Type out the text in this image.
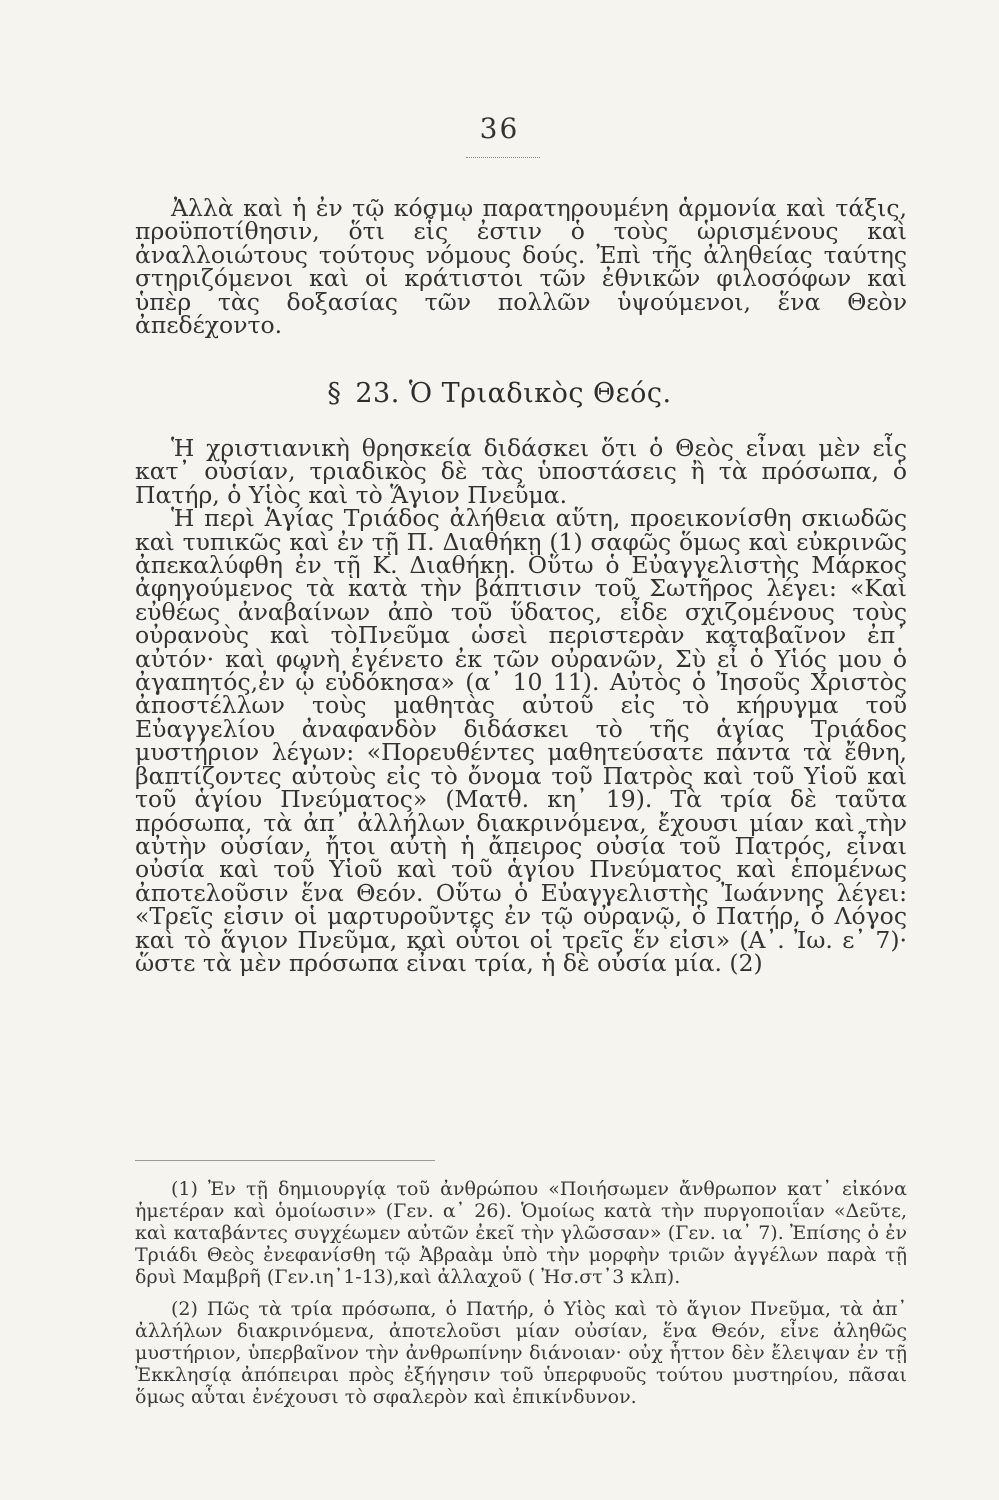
36

Ἀλλὰ καὶ ἡ ἐν τῷ κόσμῳ παρατηρουμένη ἁρμονία καὶ τάξις, προϋποτίθησιν, ὅτι εἷς ἐστιν ὁ τοὺς ὡρισμένους καὶ ἀναλλοιώτους τούτους νόμους δούς. Ἐπὶ τῆς ἀληθείας ταύτης στηριζόμενοι καὶ οἱ κράτιστοι τῶν ἐθνικῶν φιλοσόφων καὶ ὑπὲρ τὰς δοξασίας τῶν πολλῶν ὑψούμενοι, ἕνα Θεὸν ἀπεδέχοντο.

§ 23. Ὁ Τριαδικὸς Θεός.

Ἡ χριστιανικὴ θρησκεία διδάσκει ὅτι ὁ Θεὸς εἶναι μὲν εἷς κατ᾽ οὐσίαν, τριαδικὸς δὲ τὰς ὑποστάσεις ἢ τὰ πρόσωπα, ὁ Πατήρ, ὁ Υἱὸς καὶ τὸ Ἅγιον Πνεῦμα.

Ἡ περὶ Ἁγίας Τριάδος ἀλήθεια αὕτη, προεικονίσθη σκιωδῶς καὶ τυπικῶς καὶ ἐν τῇ Π. Διαθήκῃ (1) σαφῶς ὅμως καὶ εὐκρινῶς ἀπεκαλύφθη ἐν τῇ Κ. Διαθήκῃ. Οὕτω ὁ Εὐαγγελιστὴς Μάρκος ἀφηγούμενος τὰ κατὰ τὴν βάπτισιν τοῦ Σωτῆρος λέγει: «Καὶ εὐθέως ἀναβαίνων ἀπὸ τοῦ ὕδατος, εἶδε σχιζομένους τοὺς οὐρανοὺς καὶ τὸΠνεῦμα ὡσεὶ περιστερὰν καταβαῖνον ἐπ᾽ αὐτόν· καὶ φωνὴ ἐγένετο ἐκ τῶν οὐρανῶν, Σὺ εἶ ὁ Υἱός μου ὁ ἀγαπητός,ἐν ᾧ εὐδόκησα» (α᾽ 10 11). Αὐτὸς ὁ Ἰησοῦς Χριστὸς ἀποστέλλων τοὺς μαθητὰς αὐτοῦ εἰς τὸ κήρυγμα τοῦ Εὐαγγελίου ἀναφανδὸν διδάσκει τὸ τῆς ἁγίας Τριάδος μυστήριον λέγων: «Πορευθέντες μαθητεύσατε πάντα τὰ ἔθνη, βαπτίζοντες αὐτοὺς εἰς τὸ ὄνομα τοῦ Πατρὸς καὶ τοῦ Υἱοῦ καὶ τοῦ ἁγίου Πνεύματος» (Ματθ. κη᾽ 19). Τὰ τρία δὲ ταῦτα πρόσωπα, τὰ ἀπ᾽ ἀλλήλων διακρινόμενα, ἔχουσι μίαν καὶ τὴν αὐτὴν οὐσίαν, ἤτοι αὐτὴ ἡ ἄπειρος οὐσία τοῦ Πατρός, εἶναι οὐσία καὶ τοῦ Υἱοῦ καὶ τοῦ ἁγίου Πνεύματος καὶ ἑπομένως ἀποτελοῦσιν ἕνα Θεόν. Οὕτω ὁ Εὐαγγελιστὴς Ἰωάννης λέγει: «Τρεῖς εἰσιν οἱ μαρτυροῦντες ἐν τῷ οὐρανῷ, ὁ Πατήρ, ὁ Λόγος καὶ τὸ ἅγιον Πνεῦμα, καὶ οὗτοι οἱ τρεῖς ἕν εἰσι» (Α᾽. Ἰω. ε᾽ 7)· ὥστε τὰ μὲν πρόσωπα εἶναι τρία, ἡ δὲ οὐσία μία. (2)

(1) Ἐν τῇ δημιουργίᾳ τοῦ ἀνθρώπου «Ποιήσωμεν ἄνθρωπον κατ᾽ εἰκόνα ἡμετέραν καὶ ὁμοίωσιν» (Γεν. α᾽ 26). Ὁμοίως κατὰ τὴν πυργοποιΐαν «Δεῦτε, καὶ καταβάντες συγχέωμεν αὐτῶν ἐκεῖ τὴν γλῶσσαν» (Γεν. ια᾽ 7). Ἐπίσης ὁ ἐν Τριάδι Θεὸς ἐνεφανίσθη τῷ Ἀβραὰμ ὑπὸ τὴν μορφὴν τριῶν ἀγγέλων παρὰ τῇ δρυὶ Μαμβρῆ (Γεν.ιη᾽1-13),καὶ ἀλλαχοῦ ( Ἠσ.στ᾽3 κλπ).

(2) Πῶς τὰ τρία πρόσωπα, ὁ Πατήρ, ὁ Υἱὸς καὶ τὸ ἅγιον Πνεῦμα, τὰ ἀπ᾽ ἀλλήλων διακρινόμενα, ἀποτελοῦσι μίαν οὐσίαν, ἕνα Θεόν, εἶνε ἀληθῶς μυστήριον, ὑπερβαῖνον τὴν ἀνθρωπίνην διάνοιαν· οὐχ ἧττον δὲν ἔλειψαν ἐν τῇ Ἐκκλησίᾳ ἀπόπειραι πρὸς ἐξήγησιν τοῦ ὑπερφυοῦς τούτου μυστηρίου, πᾶσαι ὅμως αὗται ἐνέχουσι τὸ σφαλερὸν καὶ ἐπικίνδυνον.
